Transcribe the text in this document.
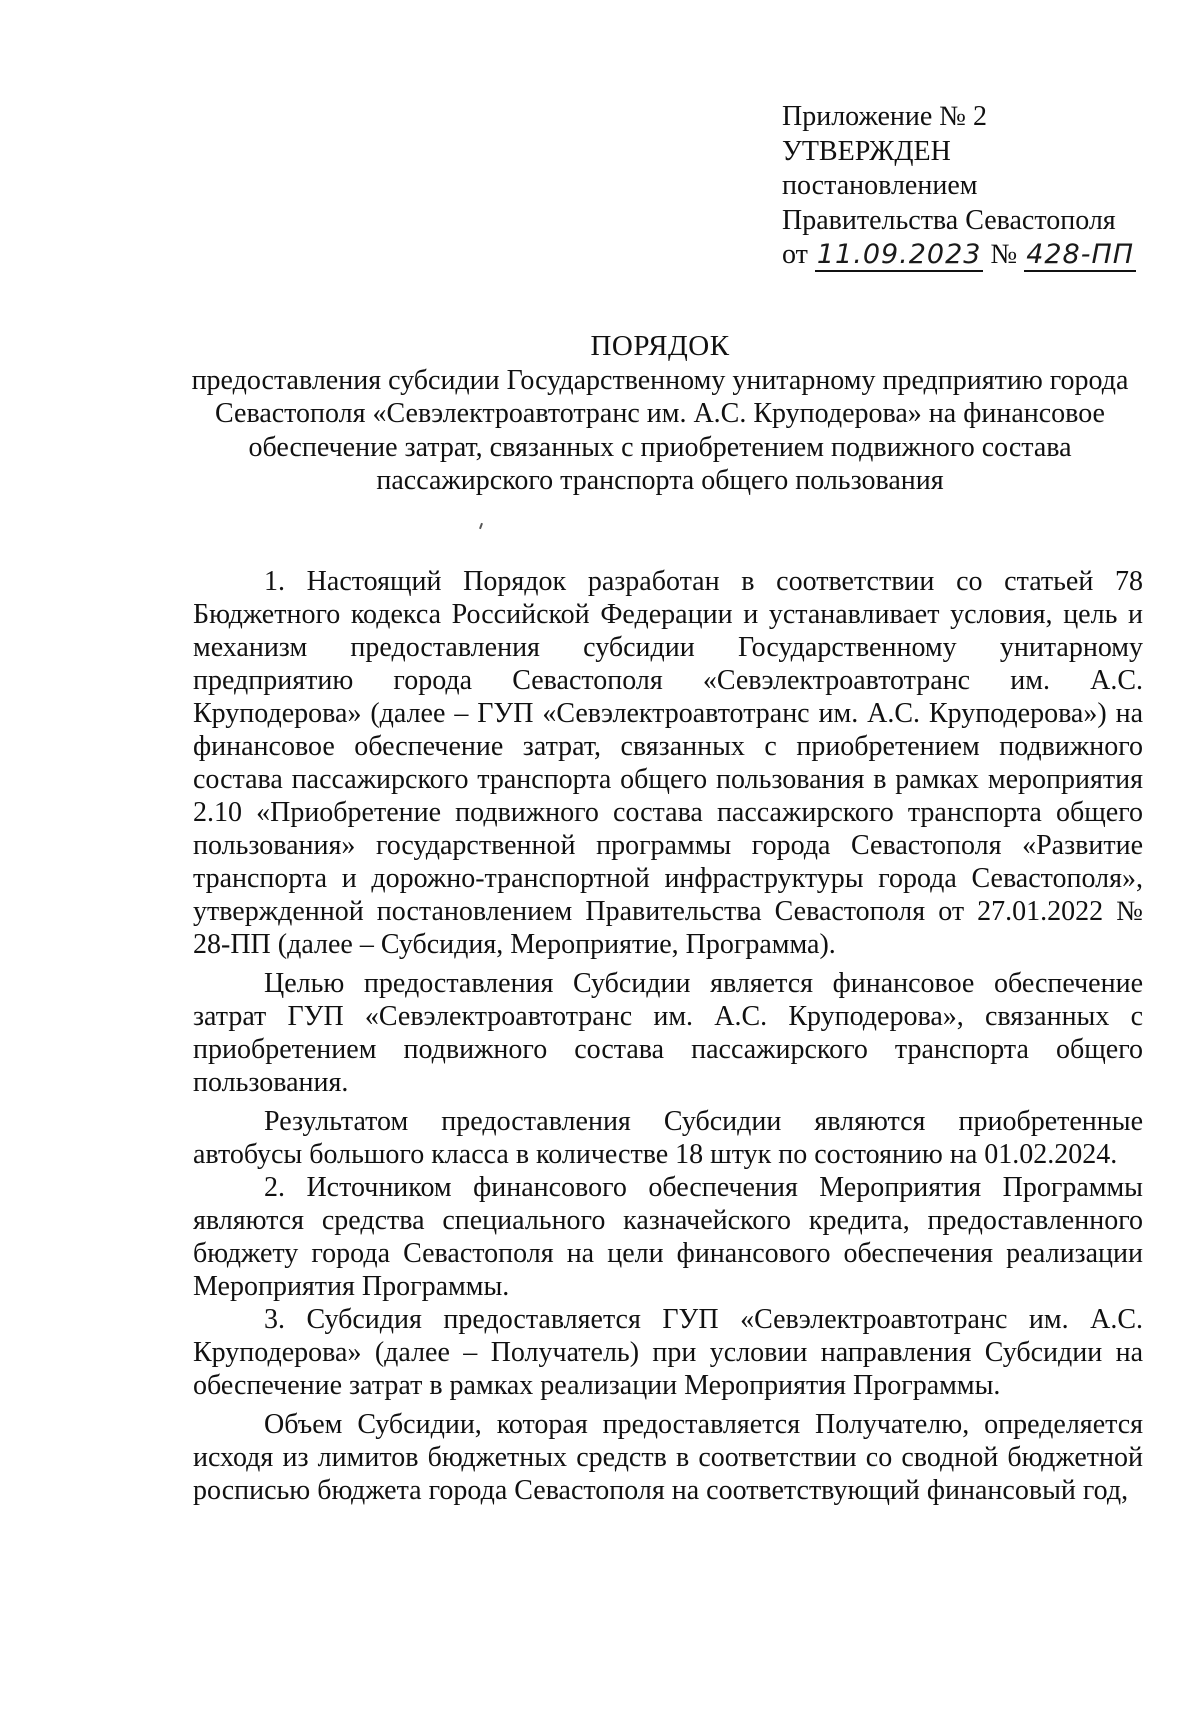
Приложение № 2
УТВЕРЖДЕН
постановлением
Правительства Севастополя
от 11.09.2023 № 428-ПП
ПОРЯДОК
предоставления субсидии Государственному унитарному предприятию города Севастополя «Севэлектроавтотранс им. А.С. Круподерова» на финансовое обеспечение затрат, связанных с приобретением подвижного состава пассажирского транспорта общего пользования

1. Настоящий Порядок разработан в соответствии со статьей 78 Бюджетного кодекса Российской Федерации и устанавливает условия, цель и механизм предоставления субсидии Государственному унитарному предприятию города Севастополя «Севэлектроавтотранс им. А.С. Круподерова» (далее – ГУП «Севэлектроавтотранс им. А.С. Круподерова») на финансовое обеспечение затрат, связанных с приобретением подвижного состава пассажирского транспорта общего пользования в рамках мероприятия 2.10 «Приобретение подвижного состава пассажирского транспорта общего пользования» государственной программы города Севастополя «Развитие транспорта и дорожно-транспортной инфраструктуры города Севастополя», утвержденной постановлением Правительства Севастополя от 27.01.2022 № 28-ПП (далее – Субсидия, Мероприятие, Программа).

Целью предоставления Субсидии является финансовое обеспечение затрат ГУП «Севэлектроавтотранс им. А.С. Круподерова», связанных с приобретением подвижного состава пассажирского транспорта общего пользования.

Результатом предоставления Субсидии являются приобретенные автобусы большого класса в количестве 18 штук по состоянию на 01.02.2024.

2. Источником финансового обеспечения Мероприятия Программы являются средства специального казначейского кредита, предоставленного бюджету города Севастополя на цели финансового обеспечения реализации Мероприятия Программы.

3. Субсидия предоставляется ГУП «Севэлектроавтотранс им. А.С. Круподерова» (далее – Получатель) при условии направления Субсидии на обеспечение затрат в рамках реализации Мероприятия Программы.

Объем Субсидии, которая предоставляется Получателю, определяется исходя из лимитов бюджетных средств в соответствии со сводной бюджетной росписью бюджета города Севастополя на соответствующий финансовый год,
